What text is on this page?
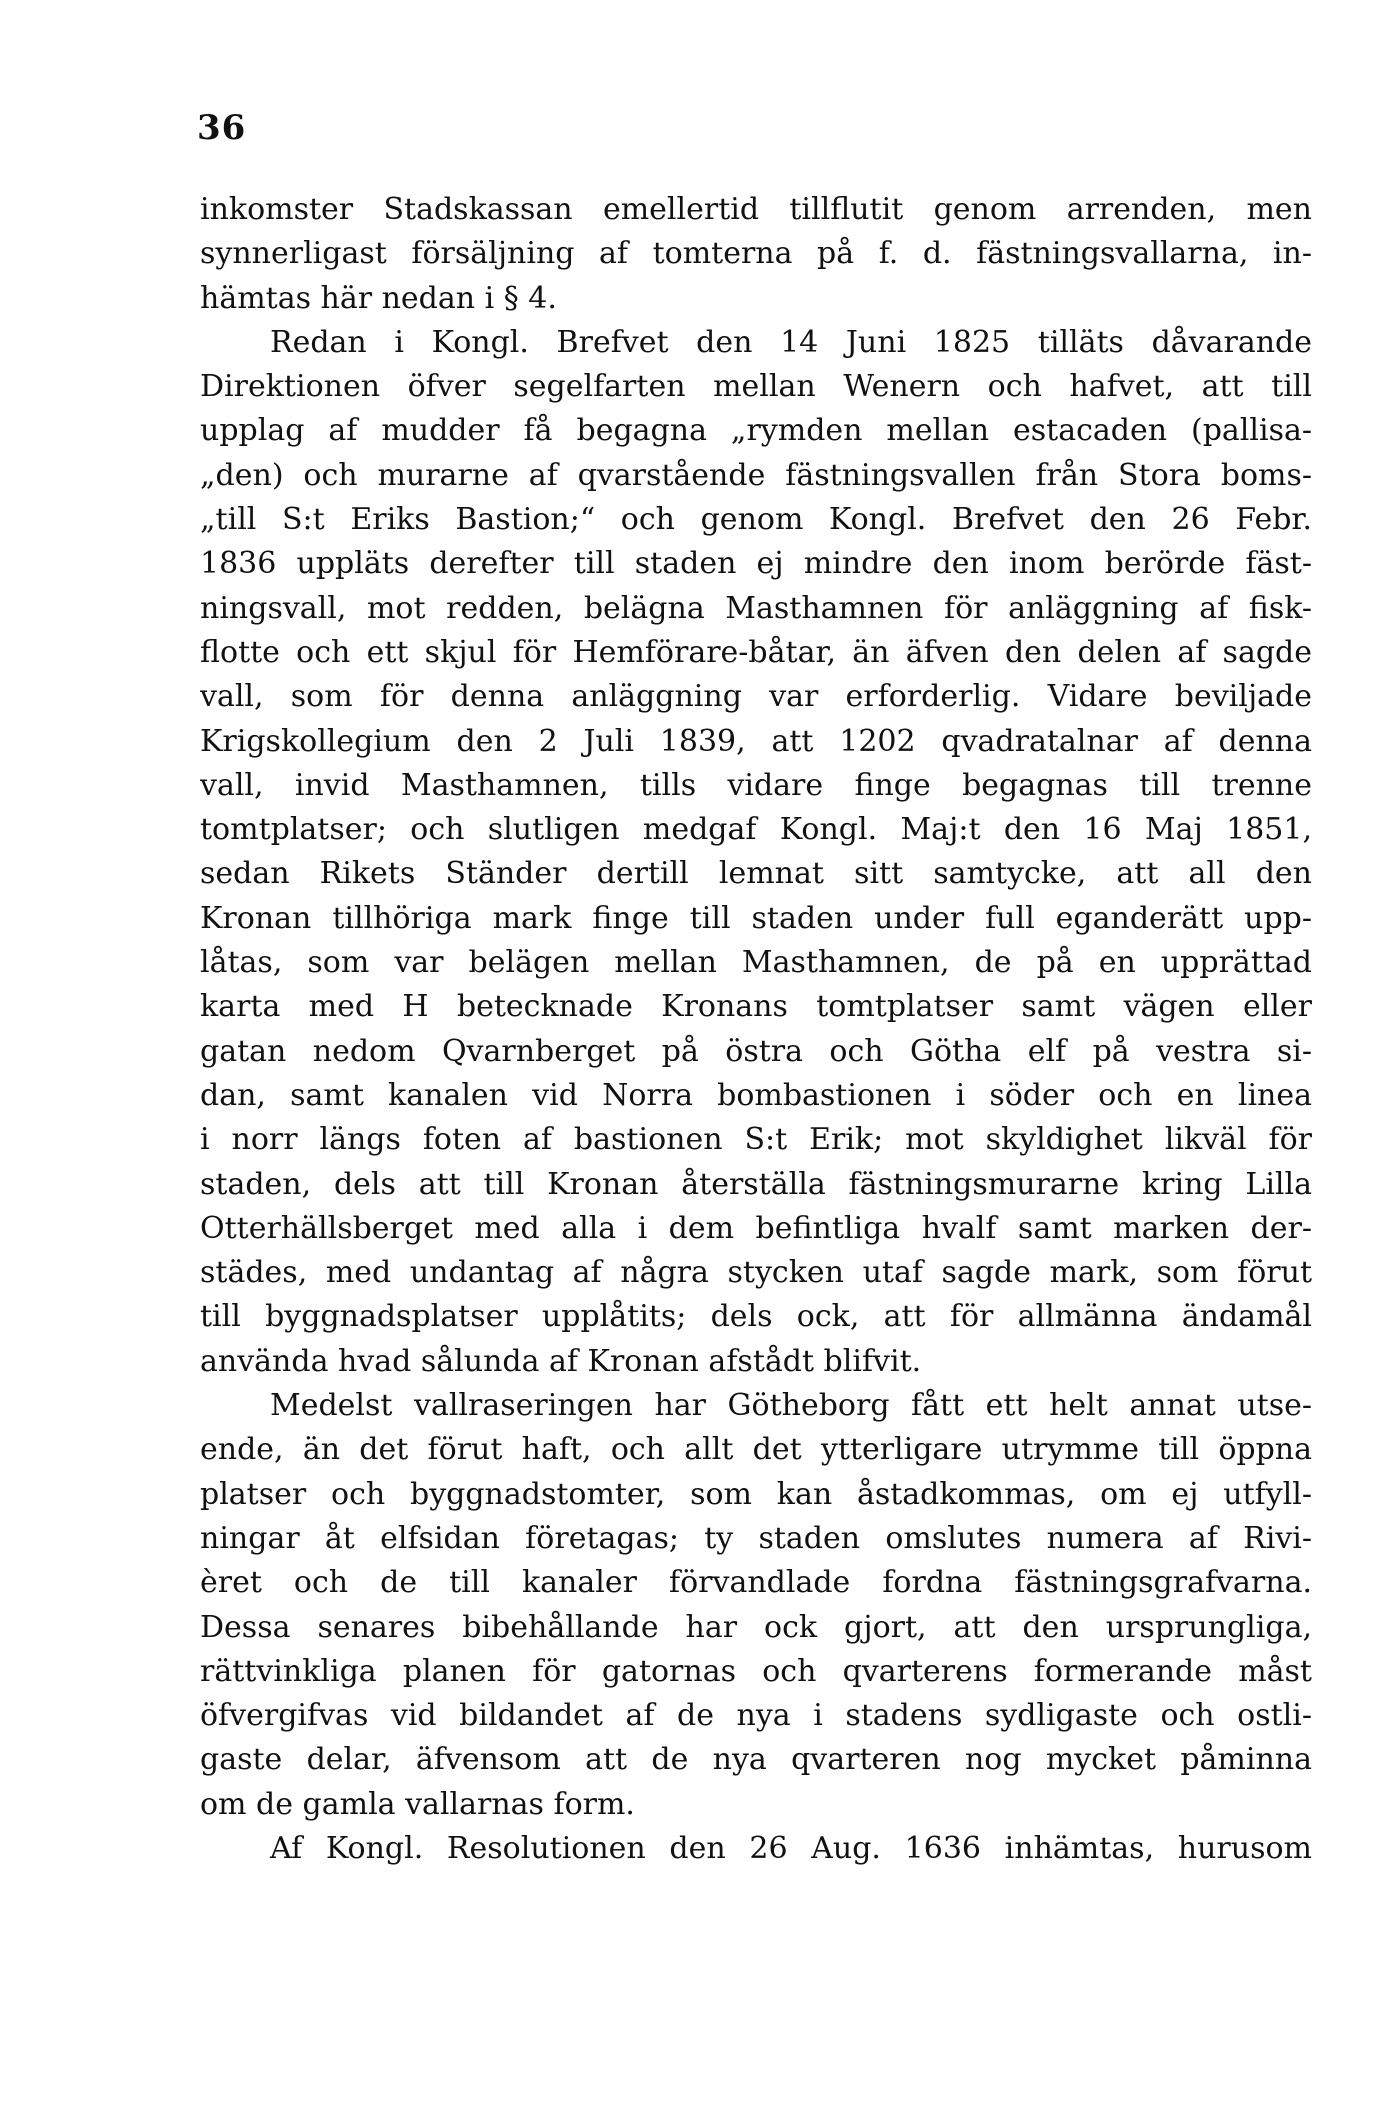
36
inkomster Stadskassan emellertid tillflutit genom arrenden, men
synnerligast försäljning af tomterna på f. d. fästningsvallarna, in-
hämtas här nedan i § 4.
Redan i Kongl. Brefvet den 14 Juni 1825 tilläts dåvarande
Direktionen öfver segelfarten mellan Wenern och hafvet, att till
upplag af mudder få begagna „rymden mellan estacaden (pallisa-
„den) och murarne af qvarstående fästningsvallen från Stora boms-
„till S:t Eriks Bastion;“ och genom Kongl. Brefvet den 26 Febr.
1836 uppläts derefter till staden ej mindre den inom berörde fäst-
ningsvall, mot redden, belägna Masthamnen för anläggning af fisk-
flotte och ett skjul för Hemförare-båtar, än äfven den delen af sagde
vall, som för denna anläggning var erforderlig. Vidare beviljade
Krigskollegium den 2 Juli 1839, att 1202 qvadratalnar af denna
vall, invid Masthamnen, tills vidare finge begagnas till trenne
tomtplatser; och slutligen medgaf Kongl. Maj:t den 16 Maj 1851,
sedan Rikets Ständer dertill lemnat sitt samtycke, att all den
Kronan tillhöriga mark finge till staden under full eganderätt upp-
låtas, som var belägen mellan Masthamnen, de på en upprättad
karta med H betecknade Kronans tomtplatser samt vägen eller
gatan nedom Qvarnberget på östra och Götha elf på vestra si-
dan, samt kanalen vid Norra bombastionen i söder och en linea
i norr längs foten af bastionen S:t Erik; mot skyldighet likväl för
staden, dels att till Kronan återställa fästningsmurarne kring Lilla
Otterhällsberget med alla i dem befintliga hvalf samt marken der-
städes, med undantag af några stycken utaf sagde mark, som förut
till byggnadsplatser upplåtits; dels ock, att för allmänna ändamål
använda hvad sålunda af Kronan afstådt blifvit.
Medelst vallraseringen har Götheborg fått ett helt annat utse-
ende, än det förut haft, och allt det ytterligare utrymme till öppna
platser och byggnadstomter, som kan åstadkommas, om ej utfyll-
ningar åt elfsidan företagas; ty staden omslutes numera af Rivi-
èret och de till kanaler förvandlade fordna fästningsgrafvarna.
Dessa senares bibehållande har ock gjort, att den ursprungliga,
rättvinkliga planen för gatornas och qvarterens formerande måst
öfvergifvas vid bildandet af de nya i stadens sydligaste och ostli-
gaste delar, äfvensom att de nya qvarteren nog mycket påminna
om de gamla vallarnas form.
Af Kongl. Resolutionen den 26 Aug. 1636 inhämtas, hurusom
